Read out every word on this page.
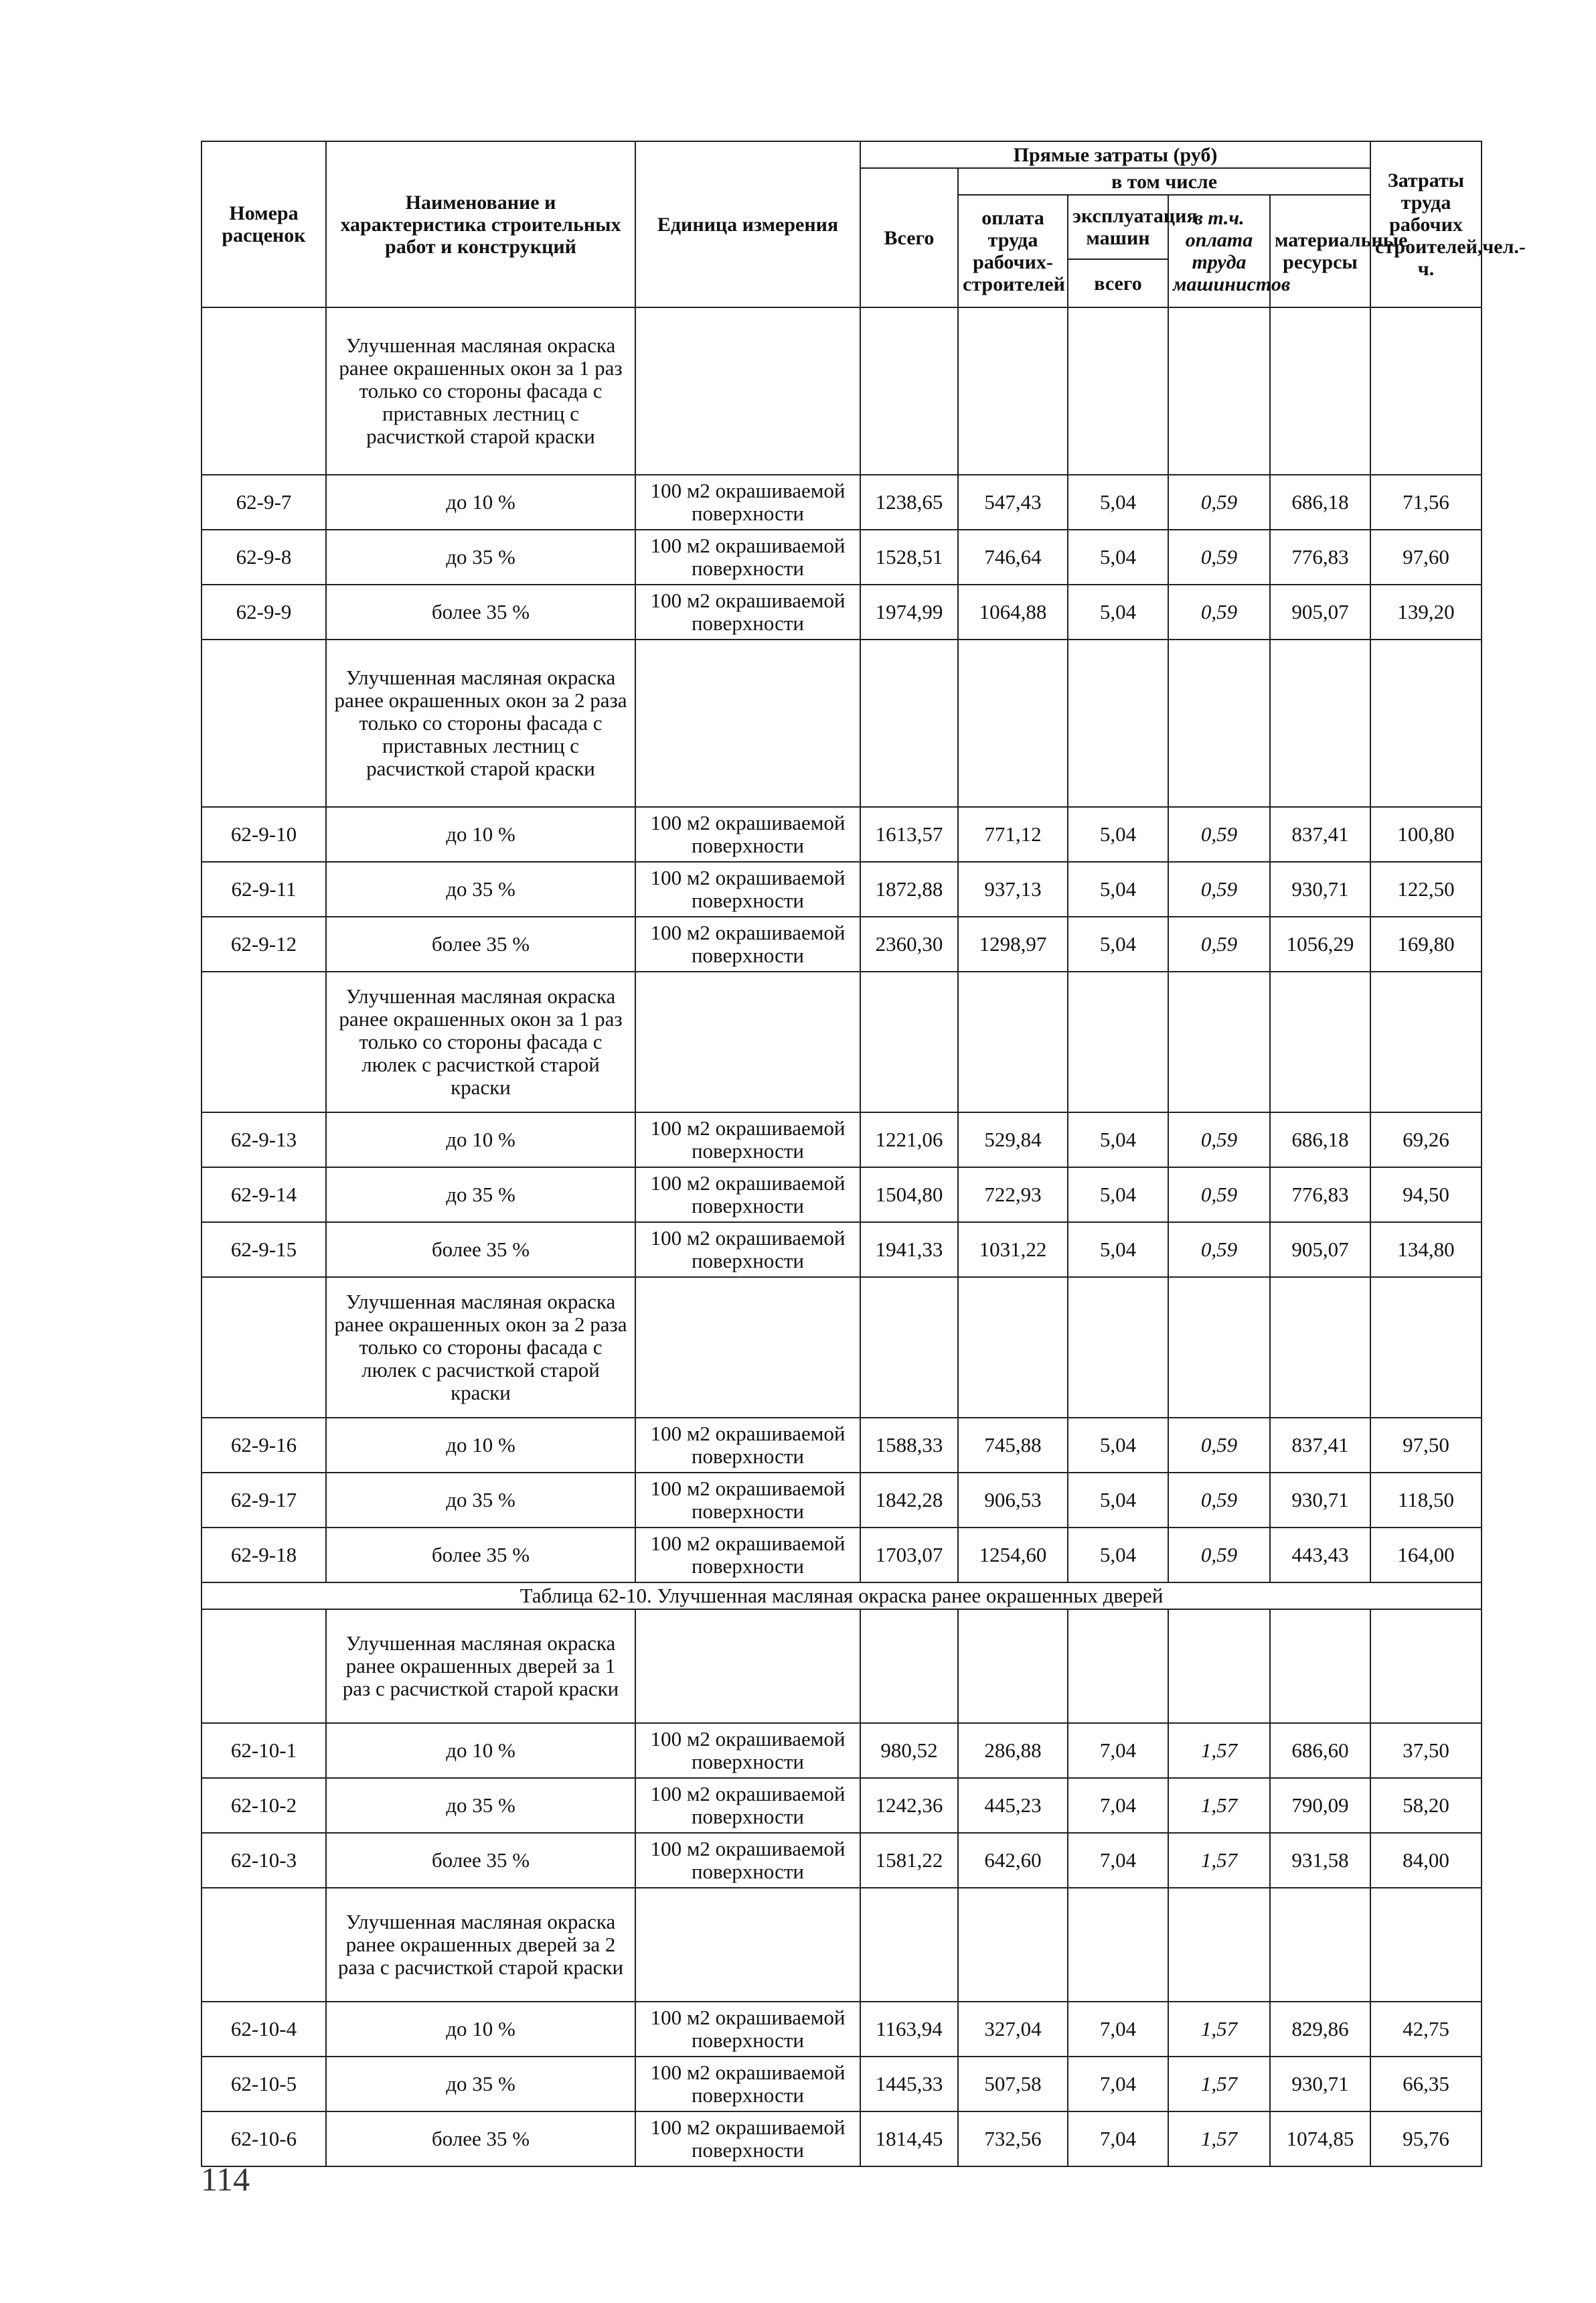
Номера расценок	Наименование и характеристика строительных работ и конструкций	Единица измерения	Прямые затраты (руб)					Затраты труда рабочих строителей,чел.-ч.
			Всего	в том числе				
				оплата труда рабочих-строителей	эксплуатация машин	в т.ч. оплата труда машинистов	материальные ресурсы	
					всего			
	Улучшенная масляная окраска ранее окрашенных окон за 1 раз только со стороны фасада с приставных лестниц с расчисткой старой краски							
62-9-7	до 10 %	100 м2 окрашиваемой поверхности	1238,65	547,43	5,04	0,59	686,18	71,56
62-9-8	до 35 %	100 м2 окрашиваемой поверхности	1528,51	746,64	5,04	0,59	776,83	97,60
62-9-9	более 35 %	100 м2 окрашиваемой поверхности	1974,99	1064,88	5,04	0,59	905,07	139,20
	Улучшенная масляная окраска ранее окрашенных окон за 2 раза только со стороны фасада с приставных лестниц с расчисткой старой краски							
62-9-10	до 10 %	100 м2 окрашиваемой поверхности	1613,57	771,12	5,04	0,59	837,41	100,80
62-9-11	до 35 %	100 м2 окрашиваемой поверхности	1872,88	937,13	5,04	0,59	930,71	122,50
62-9-12	более 35 %	100 м2 окрашиваемой поверхности	2360,30	1298,97	5,04	0,59	1056,29	169,80
	Улучшенная масляная окраска ранее окрашенных окон за 1 раз только со стороны фасада с люлек с расчисткой старой краски							
62-9-13	до 10 %	100 м2 окрашиваемой поверхности	1221,06	529,84	5,04	0,59	686,18	69,26
62-9-14	до 35 %	100 м2 окрашиваемой поверхности	1504,80	722,93	5,04	0,59	776,83	94,50
62-9-15	более 35 %	100 м2 окрашиваемой поверхности	1941,33	1031,22	5,04	0,59	905,07	134,80
	Улучшенная масляная окраска ранее окрашенных окон за 2 раза только со стороны фасада с люлек с расчисткой старой краски							
62-9-16	до 10 %	100 м2 окрашиваемой поверхности	1588,33	745,88	5,04	0,59	837,41	97,50
62-9-17	до 35 %	100 м2 окрашиваемой поверхности	1842,28	906,53	5,04	0,59	930,71	118,50
62-9-18	более 35 %	100 м2 окрашиваемой поверхности	1703,07	1254,60	5,04	0,59	443,43	164,00
Таблица 62-10. Улучшенная масляная окраска ранее окрашенных дверей								
	Улучшенная масляная окраска ранее окрашенных дверей за 1 раз с расчисткой старой краски							
62-10-1	до 10 %	100 м2 окрашиваемой поверхности	980,52	286,88	7,04	1,57	686,60	37,50
62-10-2	до 35 %	100 м2 окрашиваемой поверхности	1242,36	445,23	7,04	1,57	790,09	58,20
62-10-3	более 35 %	100 м2 окрашиваемой поверхности	1581,22	642,60	7,04	1,57	931,58	84,00
	Улучшенная масляная окраска ранее окрашенных дверей за 2 раза с расчисткой старой краски							
62-10-4	до 10 %	100 м2 окрашиваемой поверхности	1163,94	327,04	7,04	1,57	829,86	42,75
62-10-5	до 35 %	100 м2 окрашиваемой поверхности	1445,33	507,58	7,04	1,57	930,71	66,35
62-10-6	более 35 %	100 м2 окрашиваемой поверхности	1814,45	732,56	7,04	1,57	1074,85	95,76
114
